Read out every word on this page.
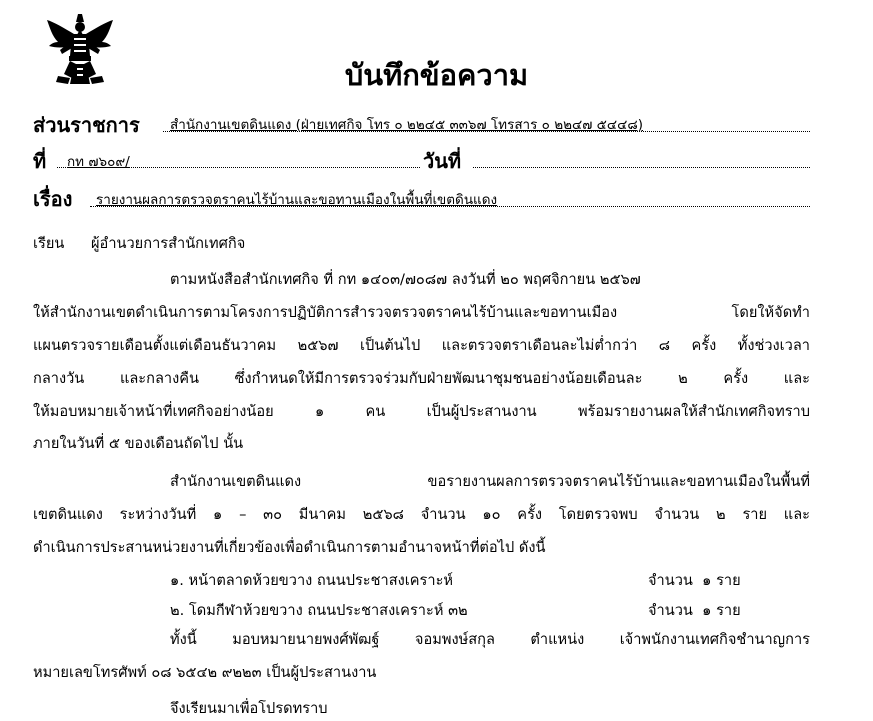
บันทึกข้อความ
ส่วนราชการ สำนักงานเขตดินแดง (ฝ่ายเทศกิจ โทร ๐ ๒๒๔๕ ๓๓๖๗ โทรสาร ๐ ๒๒๔๗ ๕๔๔๘)
ที่ กท ๗๖๐๙/	วันที่
เรื่อง รายงานผลการตรวจตราคนไร้บ้านและขอทานเมืองในพื้นที่เขตดินแดง
เรียน ผู้อำนวยการสำนักเทศกิจ
ตามหนังสือสำนักเทศกิจ ที่ กท ๑๔๐๓/๗๐๘๗ ลงวันที่ ๒๐ พฤศจิกายน ๒๕๖๗
ให้สำนักงานเขตดำเนินการตามโครงการปฏิบัติการสำรวจตรวจตราคนไร้บ้านและขอทานเมือง โดยให้จัดทำ
แผนตรวจรายเดือนตั้งแต่เดือนธันวาคม ๒๕๖๗ เป็นต้นไป และตรวจตราเดือนละไม่ต่ำกว่า ๘ ครั้ง ทั้งช่วงเวลา
กลางวัน และกลางคืน ซึ่งกำหนดให้มีการตรวจร่วมกับฝ่ายพัฒนาชุมชนอย่างน้อยเดือนละ ๒ ครั้ง และ
ให้มอบหมายเจ้าหน้าที่เทศกิจอย่างน้อย ๑ คน เป็นผู้ประสานงาน พร้อมรายงานผลให้สำนักเทศกิจทราบ
ภายในวันที่ ๕ ของเดือนถัดไป นั้น
สำนักงานเขตดินแดง ขอรายงานผลการตรวจตราคนไร้บ้านและขอทานเมืองในพื้นที่
เขตดินแดง ระหว่างวันที่ ๑ – ๓๐ มีนาคม ๒๕๖๘ จำนวน ๑๐ ครั้ง โดยตรวจพบ จำนวน ๒ ราย และ
ดำเนินการประสานหน่วยงานที่เกี่ยวข้องเพื่อดำเนินการตามอำนาจหน้าที่ต่อไป ดังนี้
๑. หน้าตลาดห้วยขวาง ถนนประชาสงเคราะห์	จำนวน  ๑ ราย
๒. โดมกีฬาห้วยขวาง ถนนประชาสงเคราะห์ ๓๒	จำนวน  ๑ ราย
ทั้งนี้ มอบหมายนายพงศ์พัฒฐ์ จอมพงษ์สกุล ตำแหน่ง เจ้าพนักงานเทศกิจชำนาญการ
หมายเลขโทรศัพท์ ๐๘ ๖๕๔๒ ๙๒๒๓ เป็นผู้ประสานงาน
จึงเรียนมาเพื่อโปรดทราบ
